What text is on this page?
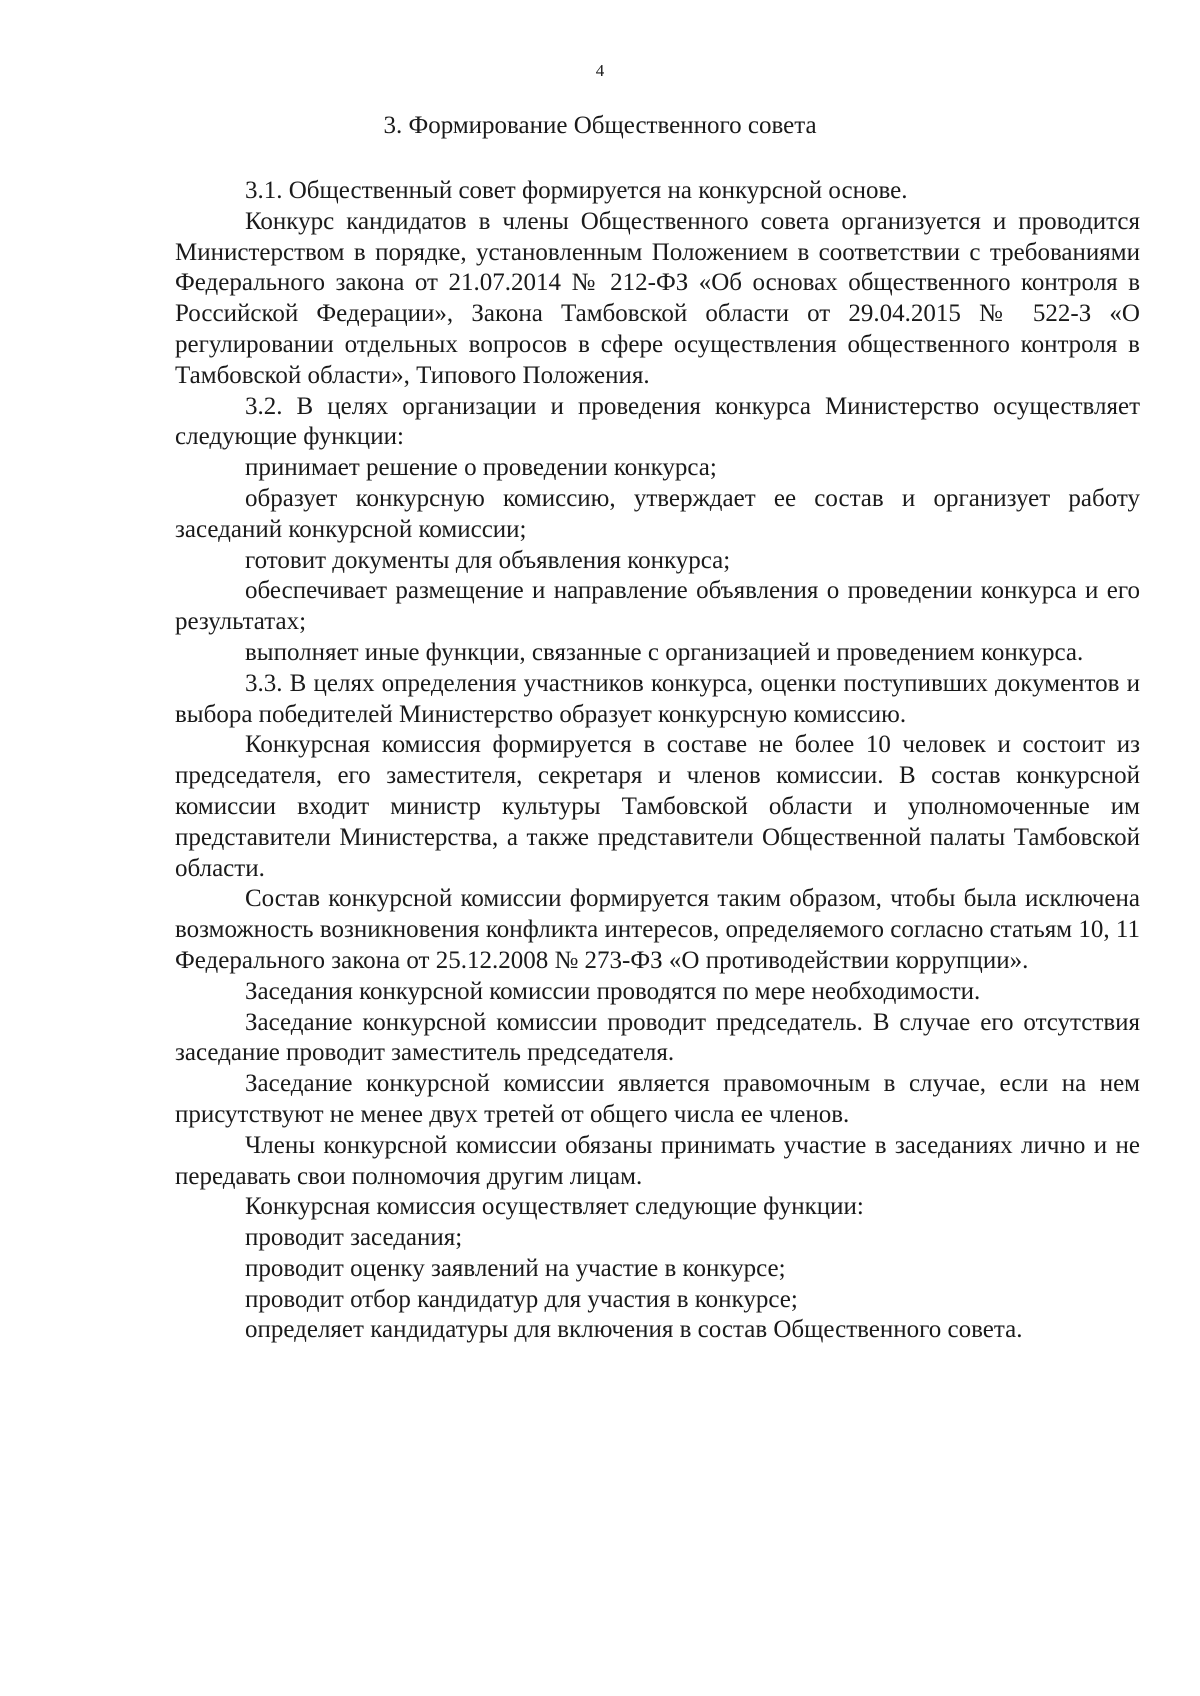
4
3. Формирование Общественного совета

3.1. Общественный совет формируется на конкурсной основе.

Конкурс кандидатов в члены Общественного совета организуется и проводится Министерством в порядке, установленным Положением в соответствии с требованиями Федерального закона от 21.07.2014 № 212-ФЗ «Об основах общественного контроля в Российской Федерации», Закона Тамбовской области от 29.04.2015 № 522-З «О регулировании отдельных вопросов в сфере осуществления общественного контроля в Тамбовской области», Типового Положения.

3.2. В целях организации и проведения конкурса Министерство осуществляет следующие функции:

принимает решение о проведении конкурса;

образует конкурсную комиссию, утверждает ее состав и организует работу заседаний конкурсной комиссии;

готовит документы для объявления конкурса;

обеспечивает размещение и направление объявления о проведении конкурса и его результатах;

выполняет иные функции, связанные с организацией и проведением конкурса.

3.3. В целях определения участников конкурса, оценки поступивших документов и выбора победителей Министерство образует конкурсную комиссию.

Конкурсная комиссия формируется в составе не более 10 человек и состоит из председателя, его заместителя, секретаря и членов комиссии. В состав конкурсной комиссии входит министр культуры Тамбовской области и уполномоченные им представители Министерства, а также представители Общественной палаты Тамбовской области.

Состав конкурсной комиссии формируется таким образом, чтобы была исключена возможность возникновения конфликта интересов, определяемого согласно статьям 10, 11 Федерального закона от 25.12.2008 № 273-ФЗ «О противодействии коррупции».

Заседания конкурсной комиссии проводятся по мере необходимости.

Заседание конкурсной комиссии проводит председатель. В случае его отсутствия заседание проводит заместитель председателя.

Заседание конкурсной комиссии является правомочным в случае, если на нем присутствуют не менее двух третей от общего числа ее членов.

Члены конкурсной комиссии обязаны принимать участие в заседаниях лично и не передавать свои полномочия другим лицам.

Конкурсная комиссия осуществляет следующие функции:

проводит заседания;

проводит оценку заявлений на участие в конкурсе;

проводит отбор кандидатур для участия в конкурсе;

определяет кандидатуры для включения в состав Общественного совета.
